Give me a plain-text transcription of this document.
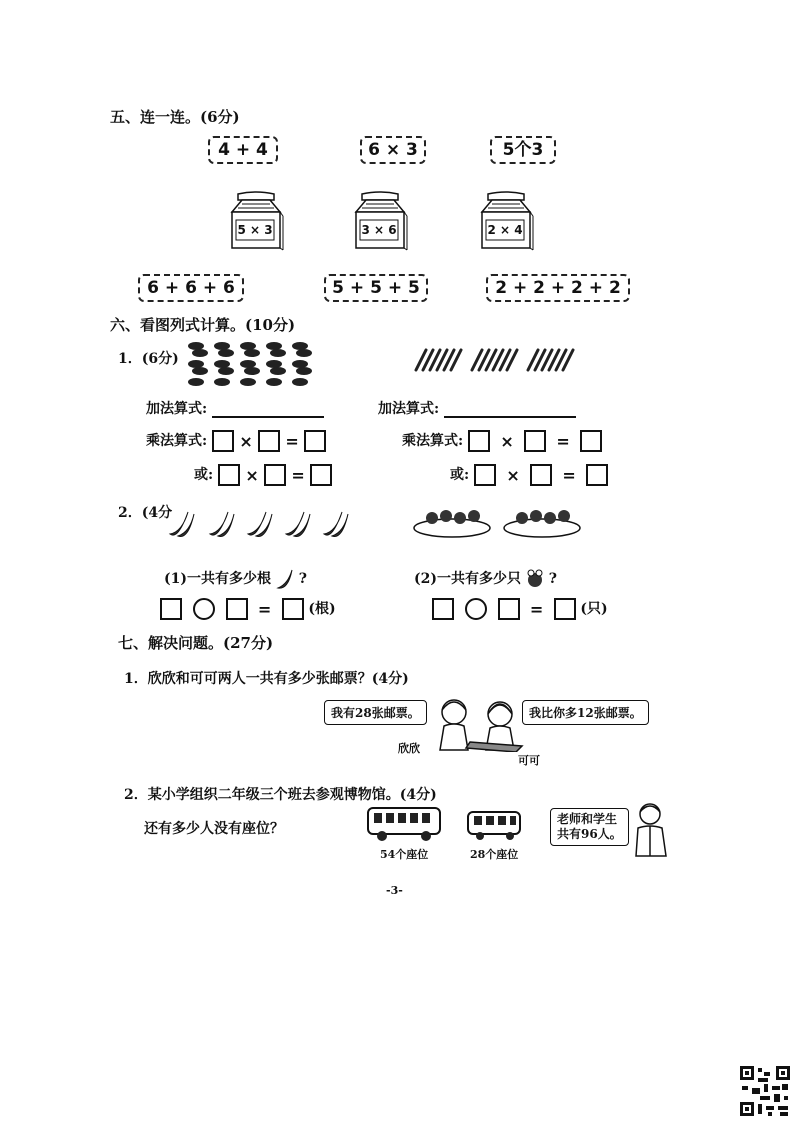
五、连一连。(6分)
4 + 4	6 × 3	5个3
5 × 3	3 × 6	2 × 4
6 + 6 + 6	5 + 5 + 5	2 + 2 + 2 + 2
六、看图列式计算。(10分)
1．(6分)
加法算式:
乘法算式: × =
或: × =
加法算式:
乘法算式: ×	=
或: ×	=
2．(4分
(1)一共有多少根 ?	(2)一共有多少只 ?
=	(根)	=	(只)
七、解决问题。(27分)
1．欣欣和可可两人一共有多少张邮票？(4分)
我有28张邮票。	我比你多12张邮票。
欣欣
可可
2．某小学组织二年级三个班去参观博物馆。(4分)
还有多少人没有座位？
54个座位	28个座位
老师和学生
共有96人。
-3-
